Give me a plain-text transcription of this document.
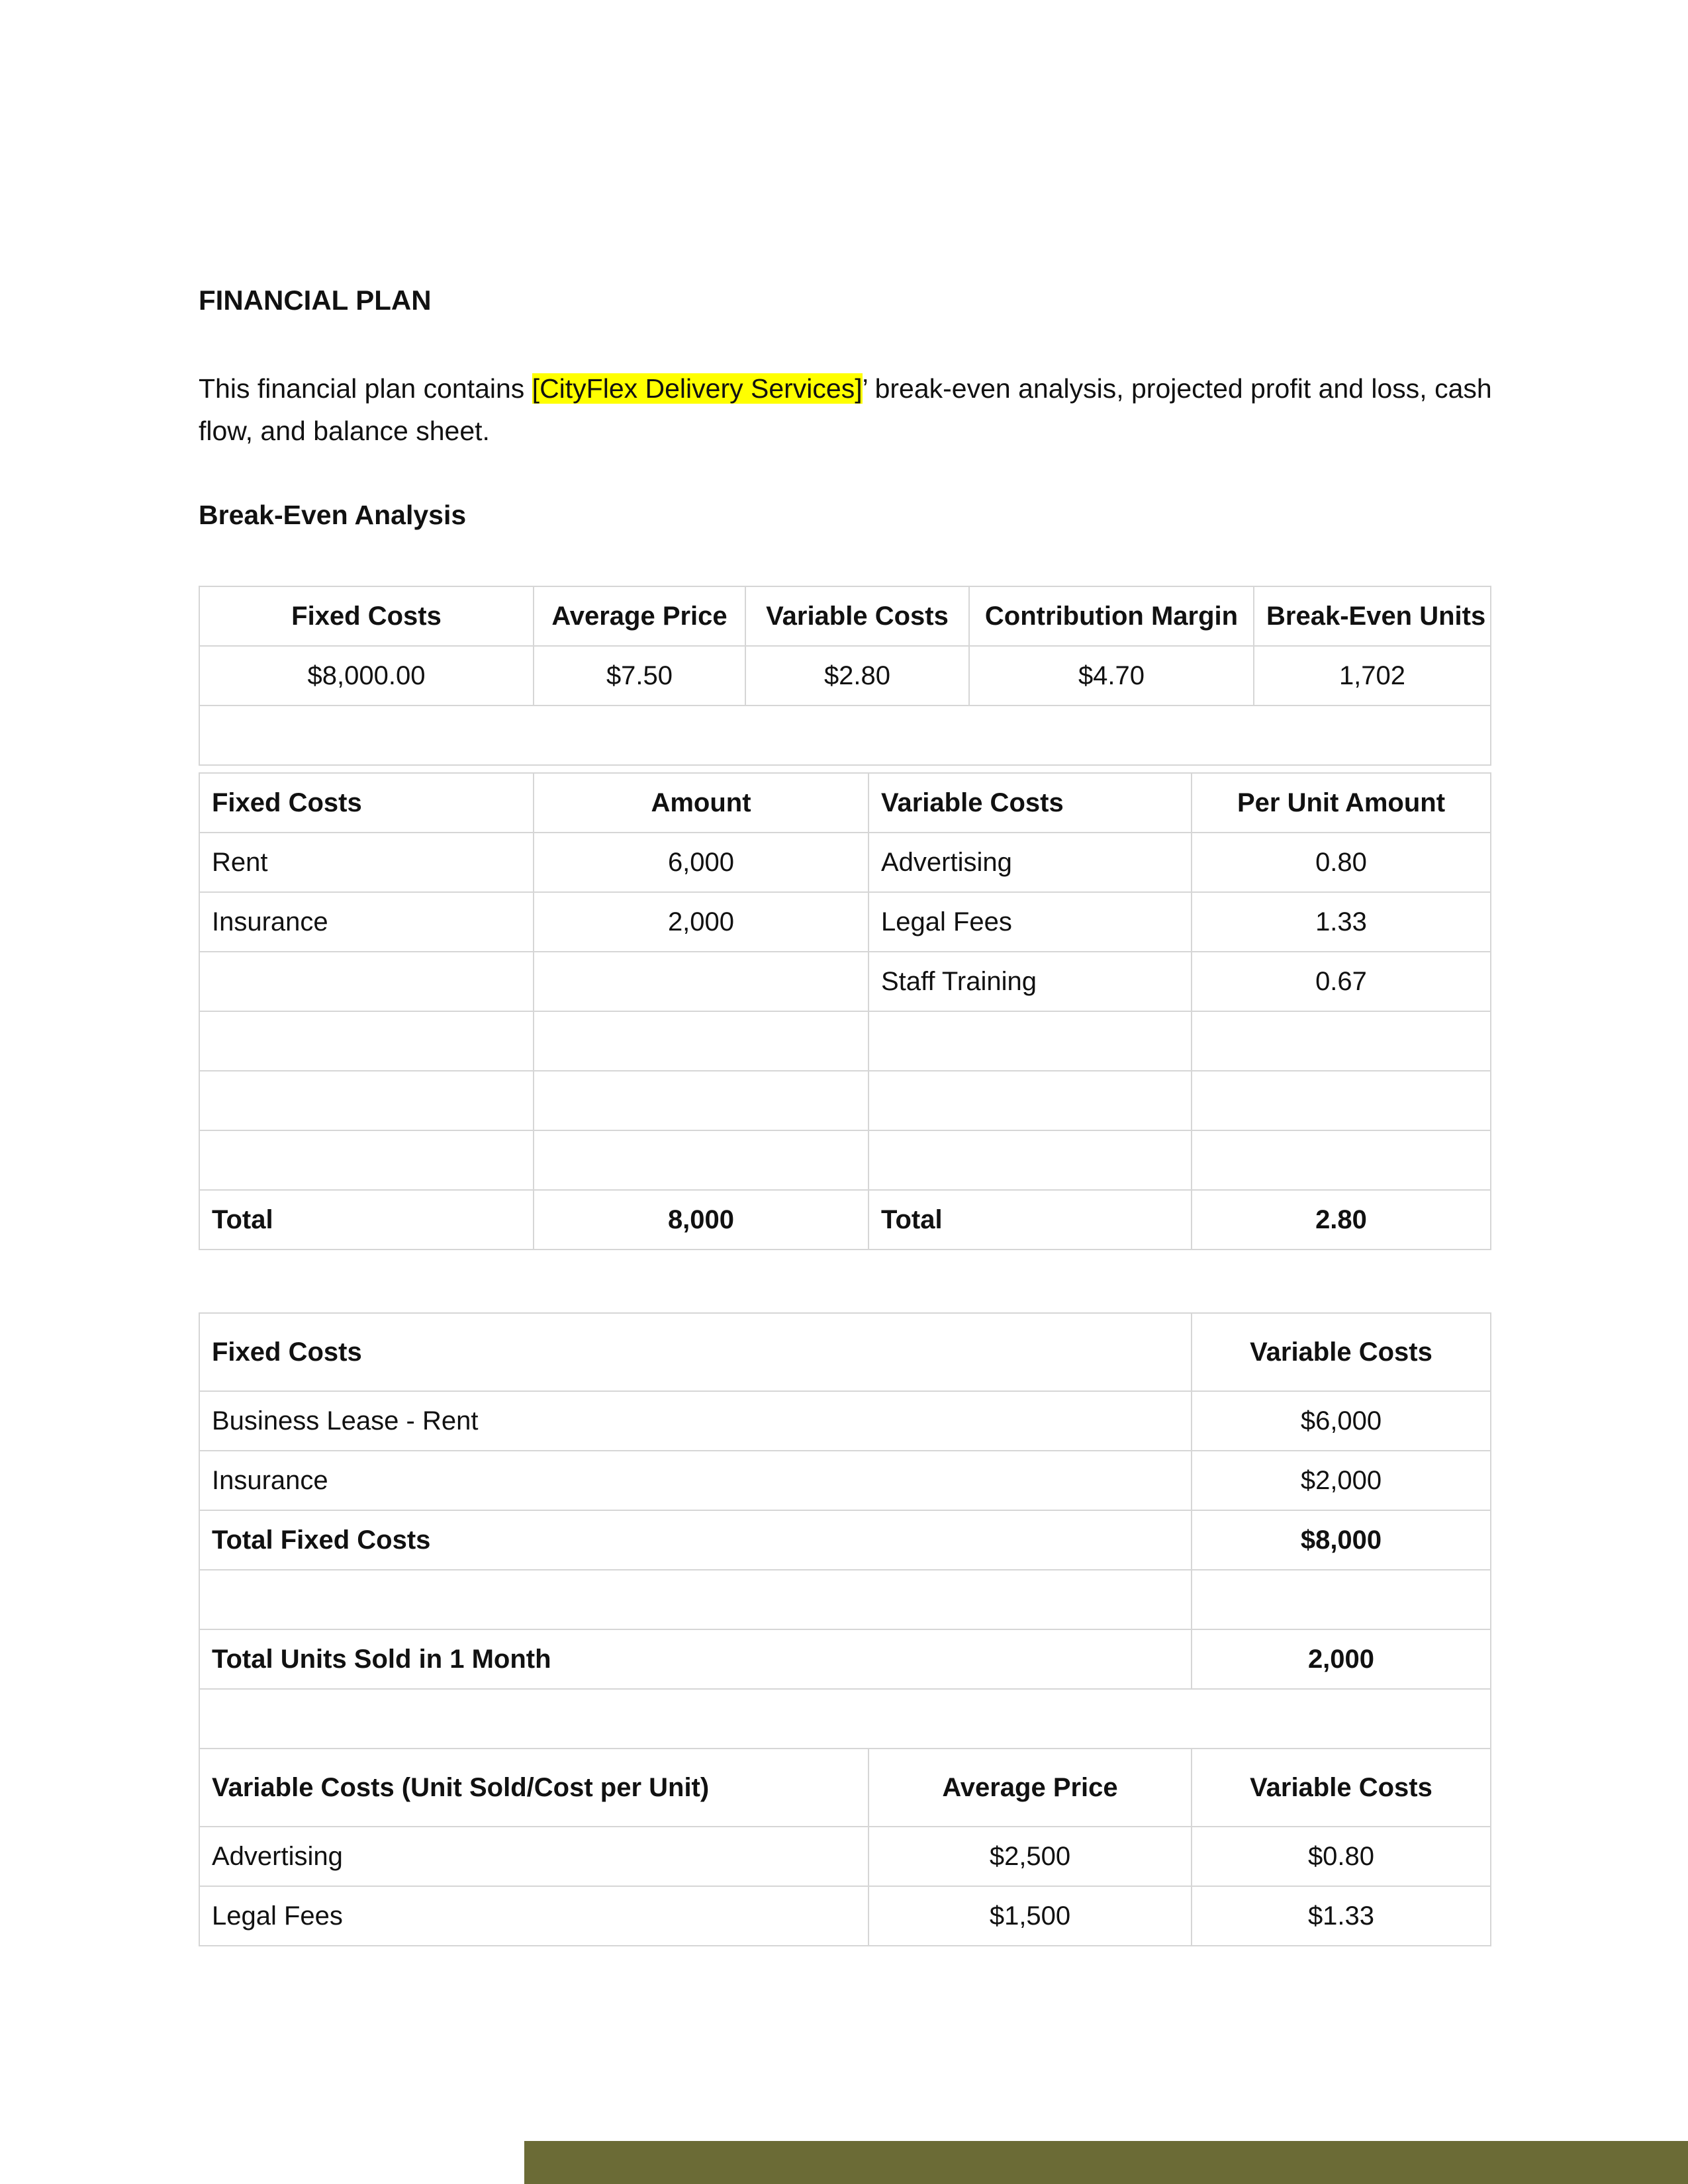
FINANCIAL PLAN

This financial plan contains [CityFlex Delivery Services]’ break-even analysis, projected profit and loss, cash flow, and balance sheet.

Break-Even Analysis
Fixed Costs	Average Price	Variable Costs	Contribution Margin	Break-Even Units
$8,000.00	$7.50	$2.80	$4.70	1,702

Fixed Costs	Amount	Variable Costs	Per Unit Amount
Rent	6,000	Advertising	0.80
Insurance	2,000	Legal Fees	1.33
		Staff Training	0.67

Total	8,000	Total	2.80
Fixed Costs		Variable Costs
Business Lease - Rent		$6,000
Insurance		$2,000
Total Fixed Costs		$8,000

Total Units Sold in 1 Month		2,000

Variable Costs (Unit Sold/Cost per Unit)	Average Price	Variable Costs
Advertising	$2,500	$0.80
Legal Fees	$1,500	$1.33
